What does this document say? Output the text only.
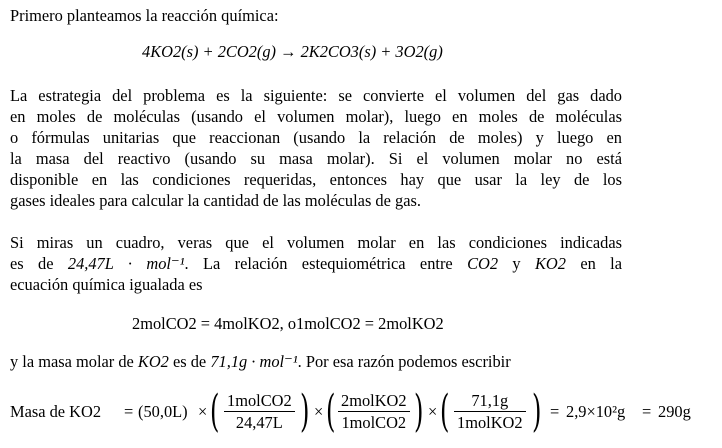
Primero planteamos la reacción química:
4KO2(s) + 2CO2(g) → 2K2CO3(s) + 3O2(g)
La estrategia del problema es la siguiente: se convierte el volumen del gas dado
en moles de moléculas (usando el volumen molar), luego en moles de moléculas
o fórmulas unitarias que reaccionan (usando la relación de moles) y luego en
la masa del reactivo (usando su masa molar). Si el volumen molar no está
disponible en las condiciones requeridas, entonces hay que usar la ley de los
gases ideales para calcular la cantidad de las moléculas de gas.
Si miras un cuadro, veras que el volumen molar en las condiciones indicadas
es de 24,47L · mol⁻¹. La relación estequiométrica entre CO2 y KO2 en la
ecuación química igualada es
2molCO2 = 4molKO2, o1molCO2 = 2molKO2
y la masa molar de KO2 es de 71,1g · mol⁻¹. Por esa razón podemos escribir
Masa de KO2 = (50,0L) × ( $\frac{\text{1molCO2}}{24,47L}$ ) × ( $\frac{\text{2molKO2}}{\text{1molCO2}}$ ) × ( $\frac{71,1g}{\text{1molKO2}}$ ) = 2,9×10²g = 290g
